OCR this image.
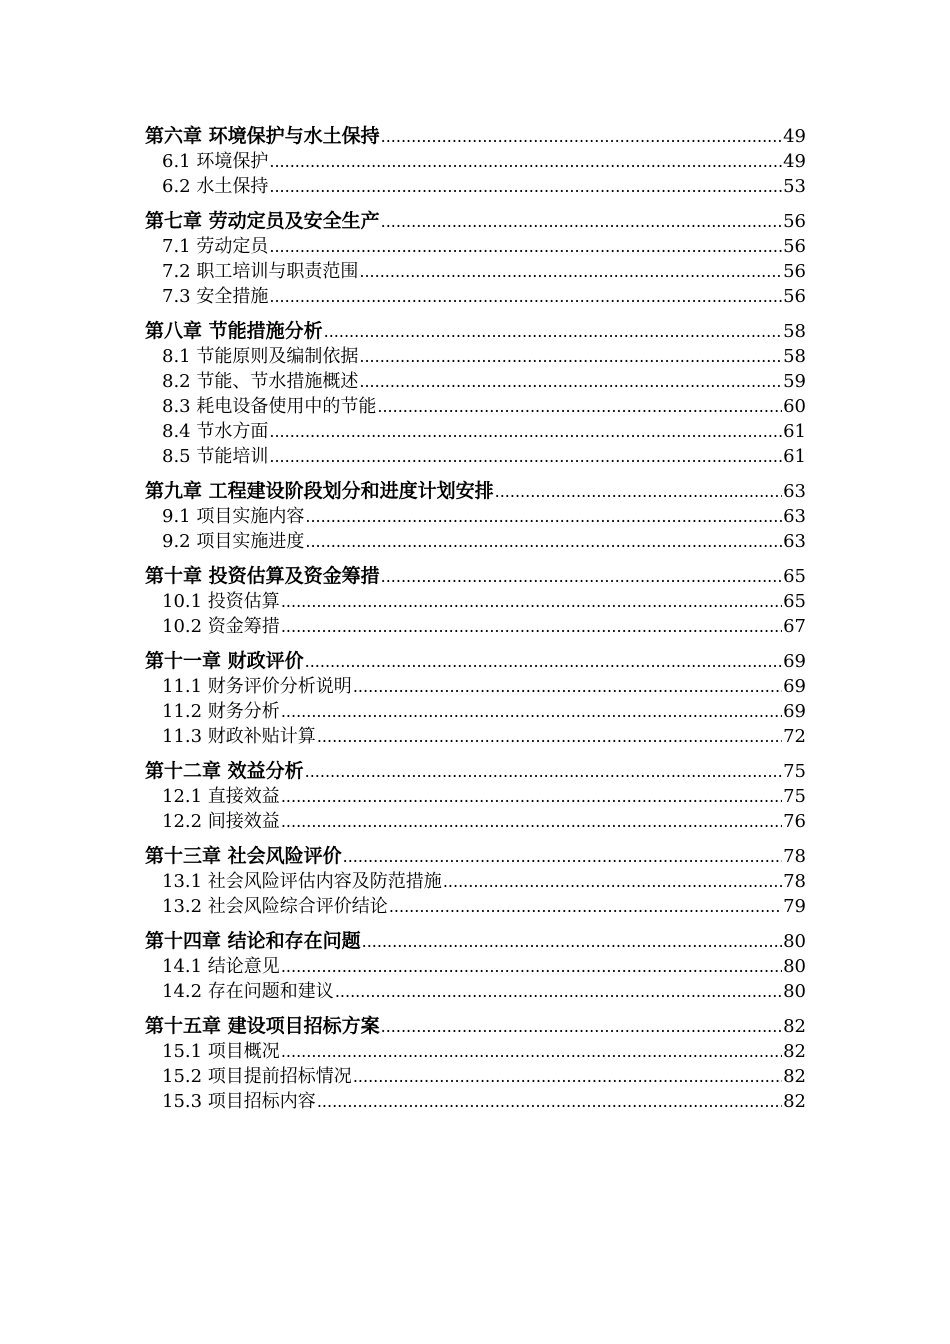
第六章 环境保护与水土保持 .....	49
6.1 环境保护 .....	49
6.2 水土保持 .....	53
第七章 劳动定员及安全生产 .....	56
7.1 劳动定员 .....	56
7.2 职工培训与职责范围 .....	56
7.3 安全措施 .....	56
第八章 节能措施分析 .....	58
8.1 节能原则及编制依据 .....	58
8.2 节能、节水措施概述 .....	59
8.3 耗电设备使用中的节能 .....	60
8.4 节水方面 .....	61
8.5 节能培训 .....	61
第九章 工程建设阶段划分和进度计划安排 .....	63
9.1 项目实施内容 .....	63
9.2 项目实施进度 .....	63
第十章 投资估算及资金筹措 .....	65
10.1 投资估算 .....	65
10.2 资金筹措 .....	67
第十一章 财政评价 .....	69
11.1 财务评价分析说明 .....	69
11.2 财务分析 .....	69
11.3 财政补贴计算 .....	72
第十二章 效益分析 .....	75
12.1 直接效益 .....	75
12.2 间接效益 .....	76
第十三章 社会风险评价 .....	78
13.1 社会风险评估内容及防范措施 .....	78
13.2 社会风险综合评价结论 .....	79
第十四章 结论和存在问题 .....	80
14.1 结论意见 .....	80
14.2 存在问题和建议 .....	80
第十五章 建设项目招标方案 .....	82
15.1 项目概况 .....	82
15.2 项目提前招标情况 .....	82
15.3 项目招标内容 .....	82
